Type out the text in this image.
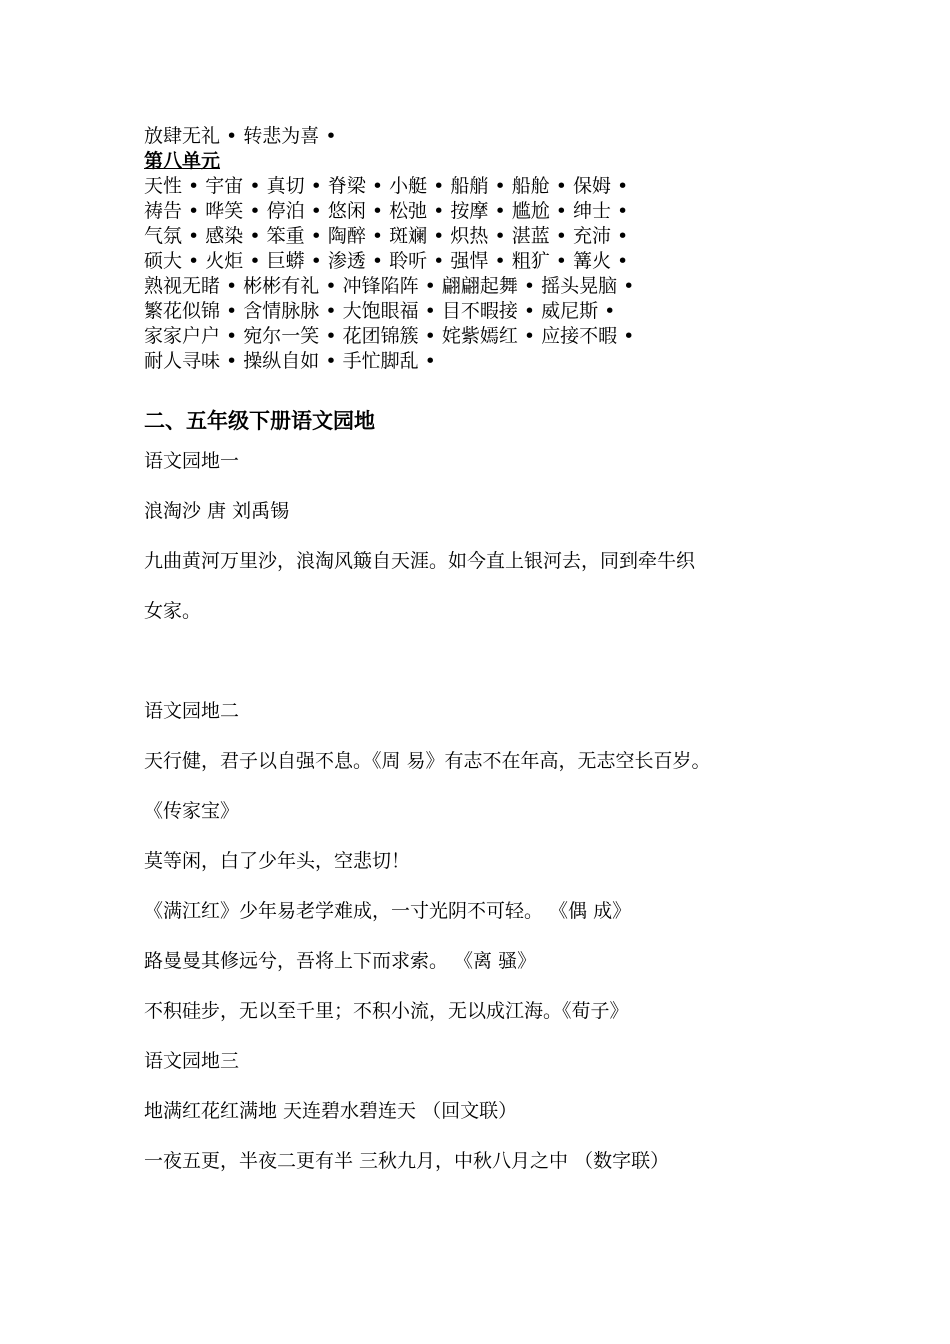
放肆无礼 • 转悲为喜 •
第八单元
天性 • 宇宙 • 真切 • 脊梁 • 小艇 • 船艄 • 船舱 • 保姆 •
祷告 • 哗笑 • 停泊 • 悠闲 • 松弛 • 按摩 • 尴尬 • 绅士 •
气氛 • 感染 • 笨重 • 陶醉 • 斑斓 • 炽热 • 湛蓝 • 充沛 •
硕大 • 火炬 • 巨蟒 • 渗透 • 聆听 • 强悍 • 粗犷 • 篝火 •
熟视无睹 • 彬彬有礼 • 冲锋陷阵 • 翩翩起舞 • 摇头晃脑 •
繁花似锦 • 含情脉脉 • 大饱眼福 • 目不暇接 • 威尼斯 •
家家户户 • 宛尔一笑 • 花团锦簇 • 姹紫嫣红 • 应接不暇 •
耐人寻味 • 操纵自如 • 手忙脚乱 •
二、五年级下册语文园地
语文园地一
浪淘沙 唐 刘禹锡
九曲黄河万里沙，浪淘风簸自天涯。如今直上银河去，同到牵牛织
女家。
语文园地二
天行健，君子以自强不息。《周 易》有志不在年高，无志空长百岁。
《传家宝》
莫等闲，白了少年头，空悲切！
《满江红》少年易老学难成，一寸光阴不可轻。 《偶 成》
路曼曼其修远兮，吾将上下而求索。 《离 骚》
不积硅步，无以至千里；不积小流，无以成江海。《荀子》
语文园地三
地满红花红满地 天连碧水碧连天 （回文联）
一夜五更，半夜二更有半 三秋九月，中秋八月之中 （数字联）
